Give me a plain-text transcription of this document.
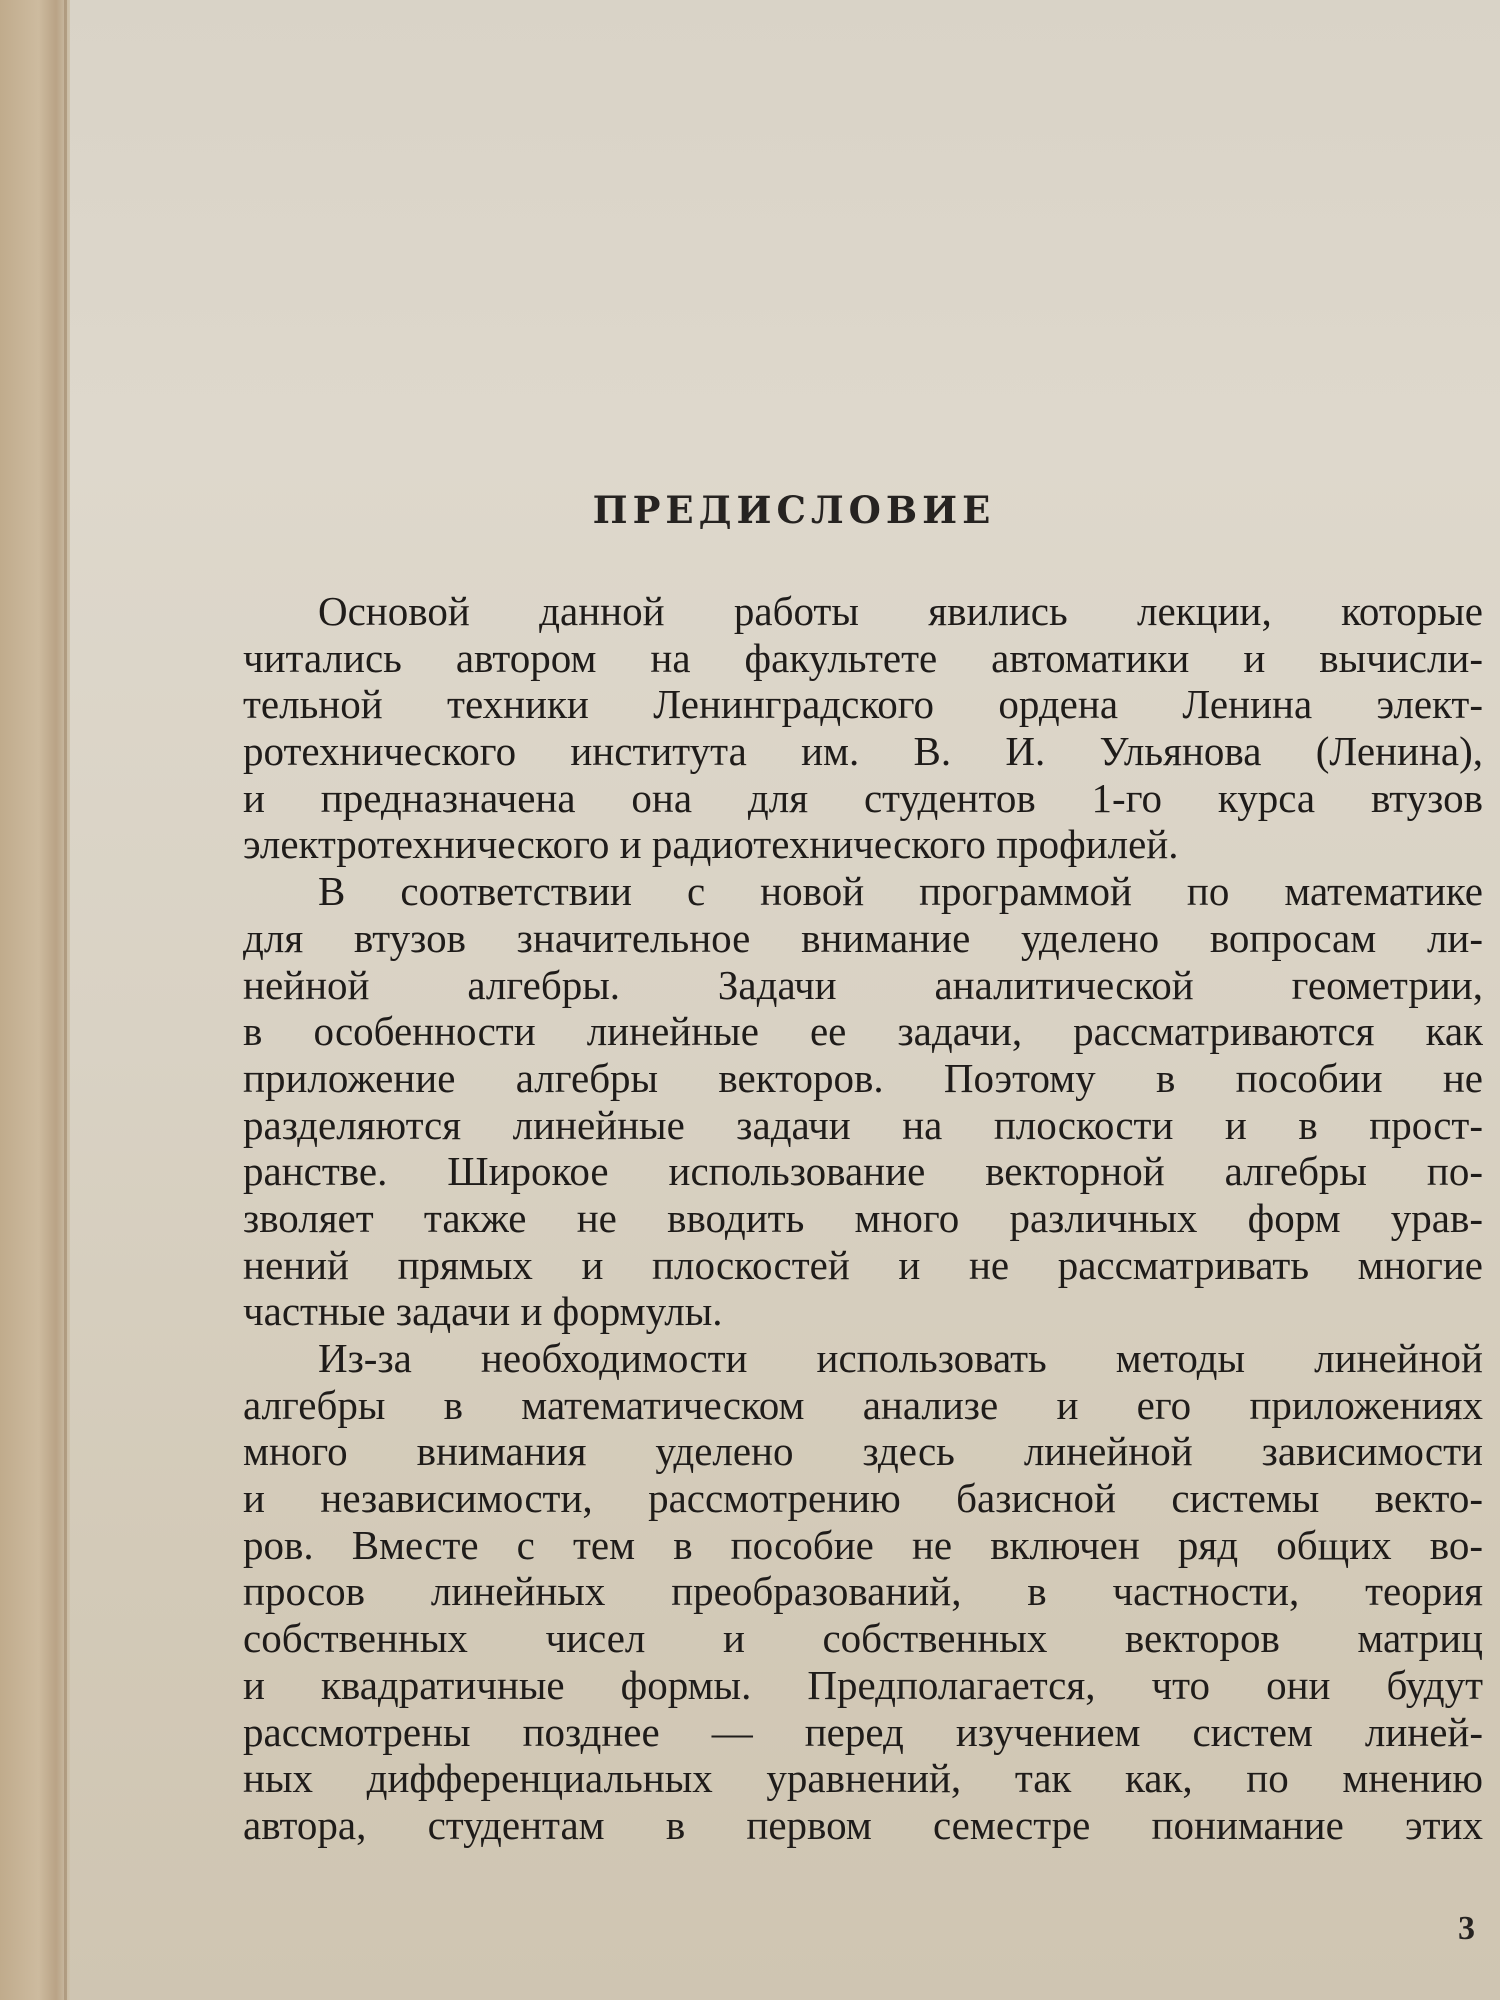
ПРЕДИСЛОВИЕ
Основой данной работы явились лекции, которые
читались автором на факультете автоматики и вычисли-
тельной техники Ленинградского ордена Ленина элект-
ротехнического института им. В. И. Ульянова (Ленина),
и предназначена она для студентов 1-го курса втузов
электротехнического и радиотехнического профилей.
В соответствии с новой программой по математике
для втузов значительное внимание уделено вопросам ли-
нейной алгебры. Задачи аналитической геометрии,
в особенности линейные ее задачи, рассматриваются как
приложение алгебры векторов. Поэтому в пособии не
разделяются линейные задачи на плоскости и в прост-
ранстве. Широкое использование векторной алгебры по-
зволяет также не вводить много различных форм урав-
нений прямых и плоскостей и не рассматривать многие
частные задачи и формулы.
Из-за необходимости использовать методы линейной
алгебры в математическом анализе и его приложениях
много внимания уделено здесь линейной зависимости
и независимости, рассмотрению базисной системы векто-
ров. Вместе с тем в пособие не включен ряд общих во-
просов линейных преобразований, в частности, теория
собственных чисел и собственных векторов матриц
и квадратичные формы. Предполагается, что они будут
рассмотрены позднее — перед изучением систем линей-
ных дифференциальных уравнений, так как, по мнению
автора, студентам в первом семестре понимание этих
3
